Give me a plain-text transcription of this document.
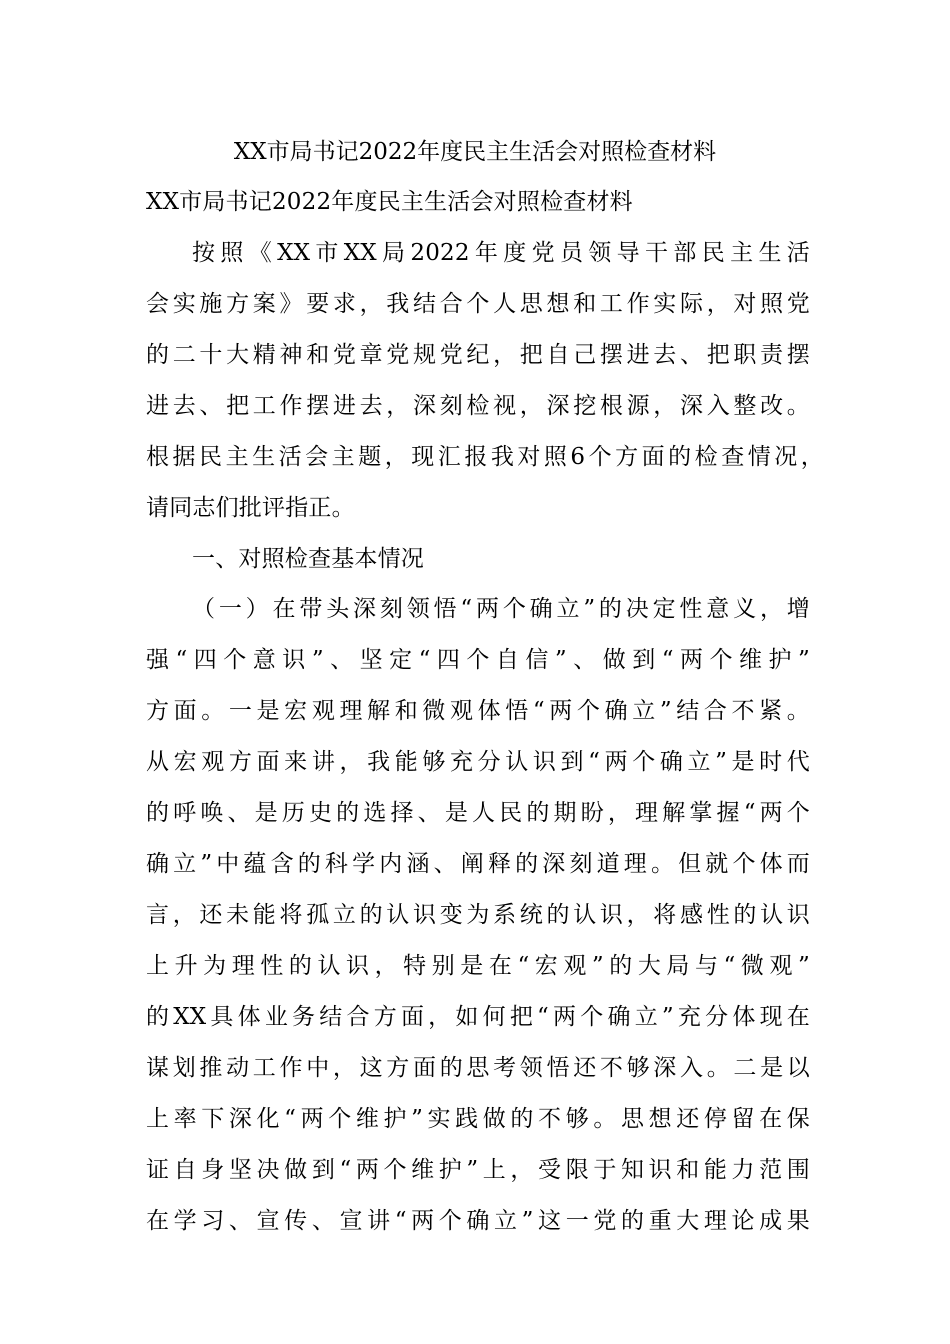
XX市局书记2022年度民主生活会对照检查材料
XX市局书记2022年度民主生活会对照检查材料
按照《XX市XX局2022年度党员领导干部民主生活
会实施方案》要求，我结合个人思想和工作实际，对照党
的二十大精神和党章党规党纪，把自己摆进去、把职责摆
进去、把工作摆进去，深刻检视，深挖根源，深入整改。
根据民主生活会主题，现汇报我对照6个方面的检查情况，
请同志们批评指正。
一、对照检查基本情况
（一）在带头深刻领悟“两个确立”的决定性意义，增
强“四个意识”、坚定“四个自信”、做到“两个维护”
方面。一是宏观理解和微观体悟“两个确立”结合不紧。
从宏观方面来讲，我能够充分认识到“两个确立”是时代
的呼唤、是历史的选择、是人民的期盼，理解掌握“两个
确立”中蕴含的科学内涵、阐释的深刻道理。但就个体而
言，还未能将孤立的认识变为系统的认识，将感性的认识
上升为理性的认识，特别是在“宏观”的大局与“微观”
的XX具体业务结合方面，如何把“两个确立”充分体现在
谋划推动工作中，这方面的思考领悟还不够深入。二是以
上率下深化“两个维护”实践做的不够。思想还停留在保
证自身坚决做到“两个维护”上，受限于知识和能力范围
在学习、宣传、宣讲“两个确立”这一党的重大理论成果
